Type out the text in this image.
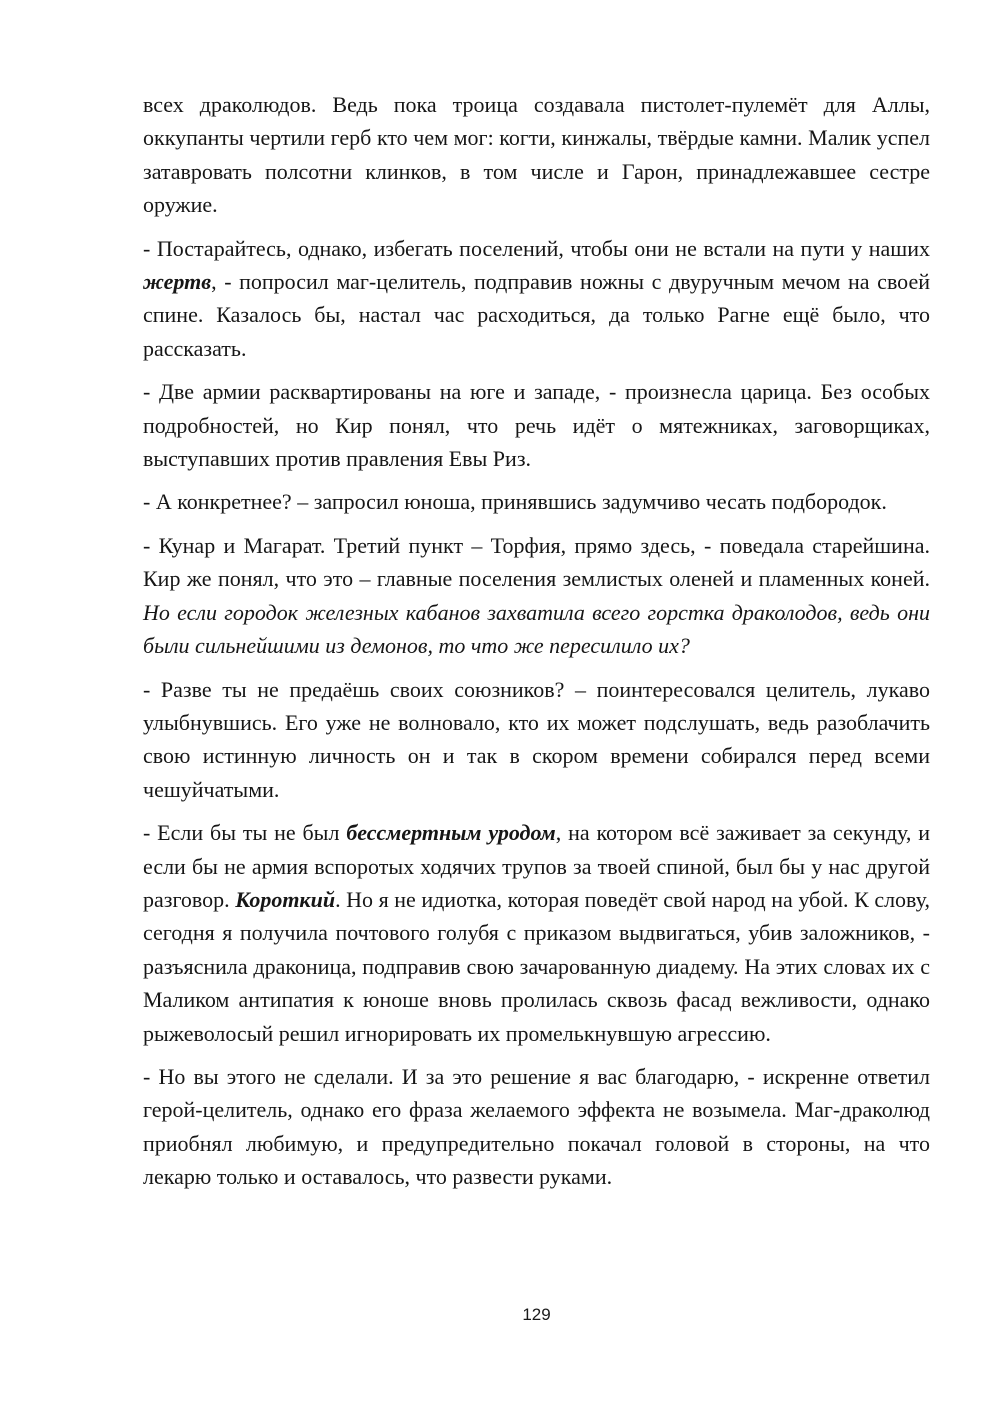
всех драколюдов. Ведь пока троица создавала пистолет-пулемёт для Аллы, оккупанты чертили герб кто чем мог: когти, кинжалы, твёрдые камни. Малик успел затавровать полсотни клинков, в том числе и Гарон, принадлежавшее сестре оружие.

- Постарайтесь, однако, избегать поселений, чтобы они не встали на пути у наших жертв, - попросил маг-целитель, подправив ножны с двуручным мечом на своей спине. Казалось бы, настал час расходиться, да только Рагне ещё было, что рассказать.

- Две армии расквартированы на юге и западе, - произнесла царица. Без особых подробностей, но Кир понял, что речь идёт о мятежниках, заговорщиках, выступавших против правления Евы Риз.

- А конкретнее? – запросил юноша, принявшись задумчиво чесать подбородок.

- Кунар и Магарат. Третий пункт – Торфия, прямо здесь, - поведала старейшина. Кир же понял, что это – главные поселения землистых оленей и пламенных коней. Но если городок железных кабанов захватила всего горстка драколодов, ведь они были сильнейшими из демонов, то что же пересилило их?

- Разве ты не предаёшь своих союзников? – поинтересовался целитель, лукаво улыбнувшись. Его уже не волновало, кто их может подслушать, ведь разоблачить свою истинную личность он и так в скором времени собирался перед всеми чешуйчатыми.

- Если бы ты не был бессмертным уродом, на котором всё заживает за секунду, и если бы не армия вспоротых ходячих трупов за твоей спиной, был бы у нас другой разговор. Короткий. Но я не идиотка, которая поведёт свой народ на убой. К слову, сегодня я получила почтового голубя с приказом выдвигаться, убив заложников, - разъяснила драконица, подправив свою зачарованную диадему. На этих словах их с Маликом антипатия к юноше вновь пролилась сквозь фасад вежливости, однако рыжеволосый решил игнорировать их промелькнувшую агрессию.

- Но вы этого не сделали. И за это решение я вас благодарю, - искренне ответил герой-целитель, однако его фраза желаемого эффекта не возымела. Маг-драколюд приобнял любимую, и предупредительно покачал головой в стороны, на что лекарю только и оставалось, что развести руками.

129
